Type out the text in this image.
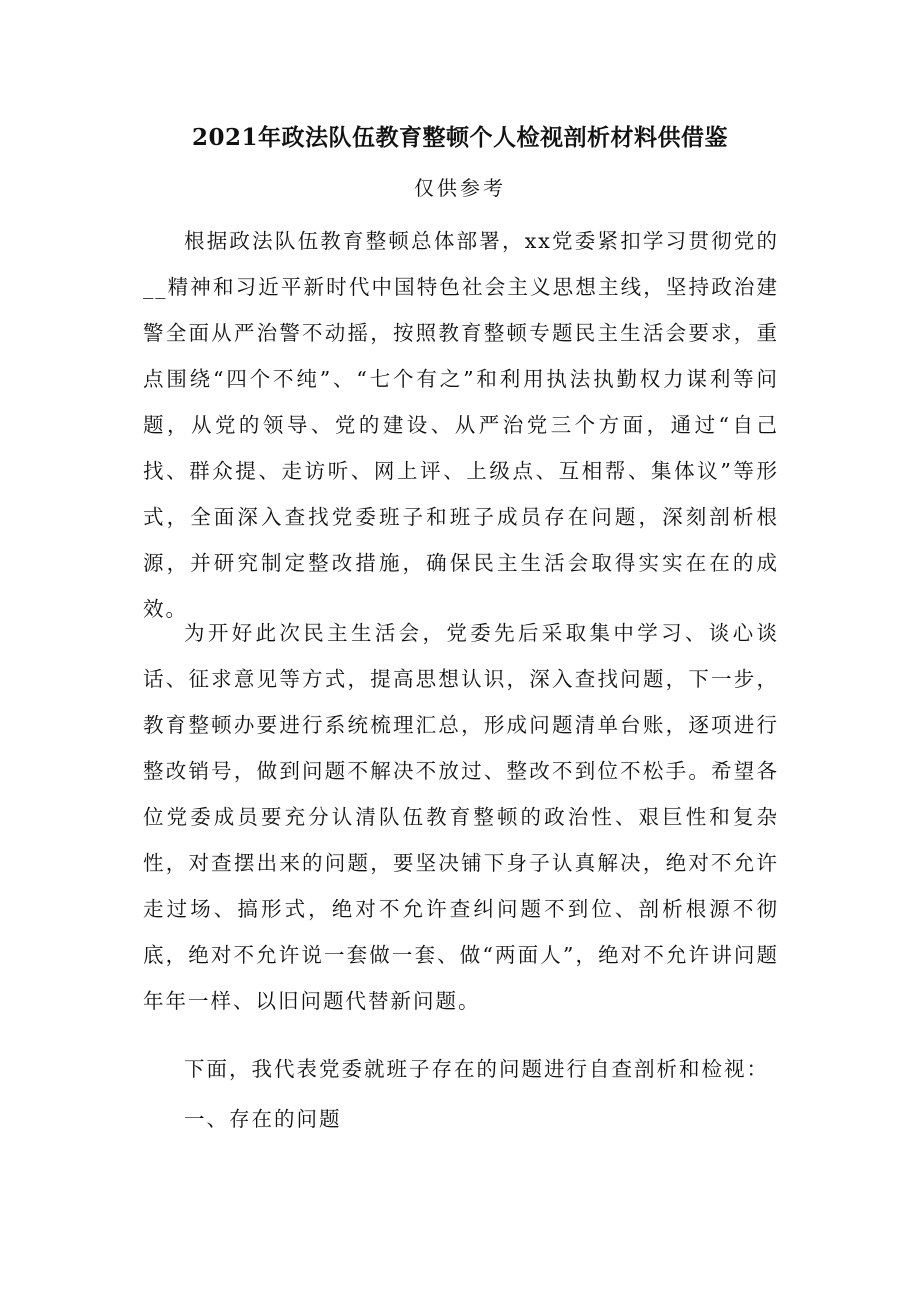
2021年政法队伍教育整顿个人检视剖析材料供借鉴
仅供参考

根据政法队伍教育整顿总体部署，xx党委紧扣学习贯彻党的__精神和习近平新时代中国特色社会主义思想主线，坚持政治建警全面从严治警不动摇，按照教育整顿专题民主生活会要求，重点围绕“四个不纯”、“七个有之”和利用执法执勤权力谋利等问题，从党的领导、党的建设、从严治党三个方面，通过“自己找、群众提、走访听、网上评、上级点、互相帮、集体议”等形式，全面深入查找党委班子和班子成员存在问题，深刻剖析根源，并研究制定整改措施，确保民主生活会取得实实在在的成效。

为开好此次民主生活会，党委先后采取集中学习、谈心谈话、征求意见等方式，提高思想认识，深入查找问题，下一步，教育整顿办要进行系统梳理汇总，形成问题清单台账，逐项进行整改销号，做到问题不解决不放过、整改不到位不松手。希望各位党委成员要充分认清队伍教育整顿的政治性、艰巨性和复杂性，对查摆出来的问题，要坚决铺下身子认真解决，绝对不允许走过场、搞形式，绝对不允许查纠问题不到位、剖析根源不彻底，绝对不允许说一套做一套、做“两面人”，绝对不允许讲问题年年一样、以旧问题代替新问题。

下面，我代表党委就班子存在的问题进行自查剖析和检视：

一、存在的问题
